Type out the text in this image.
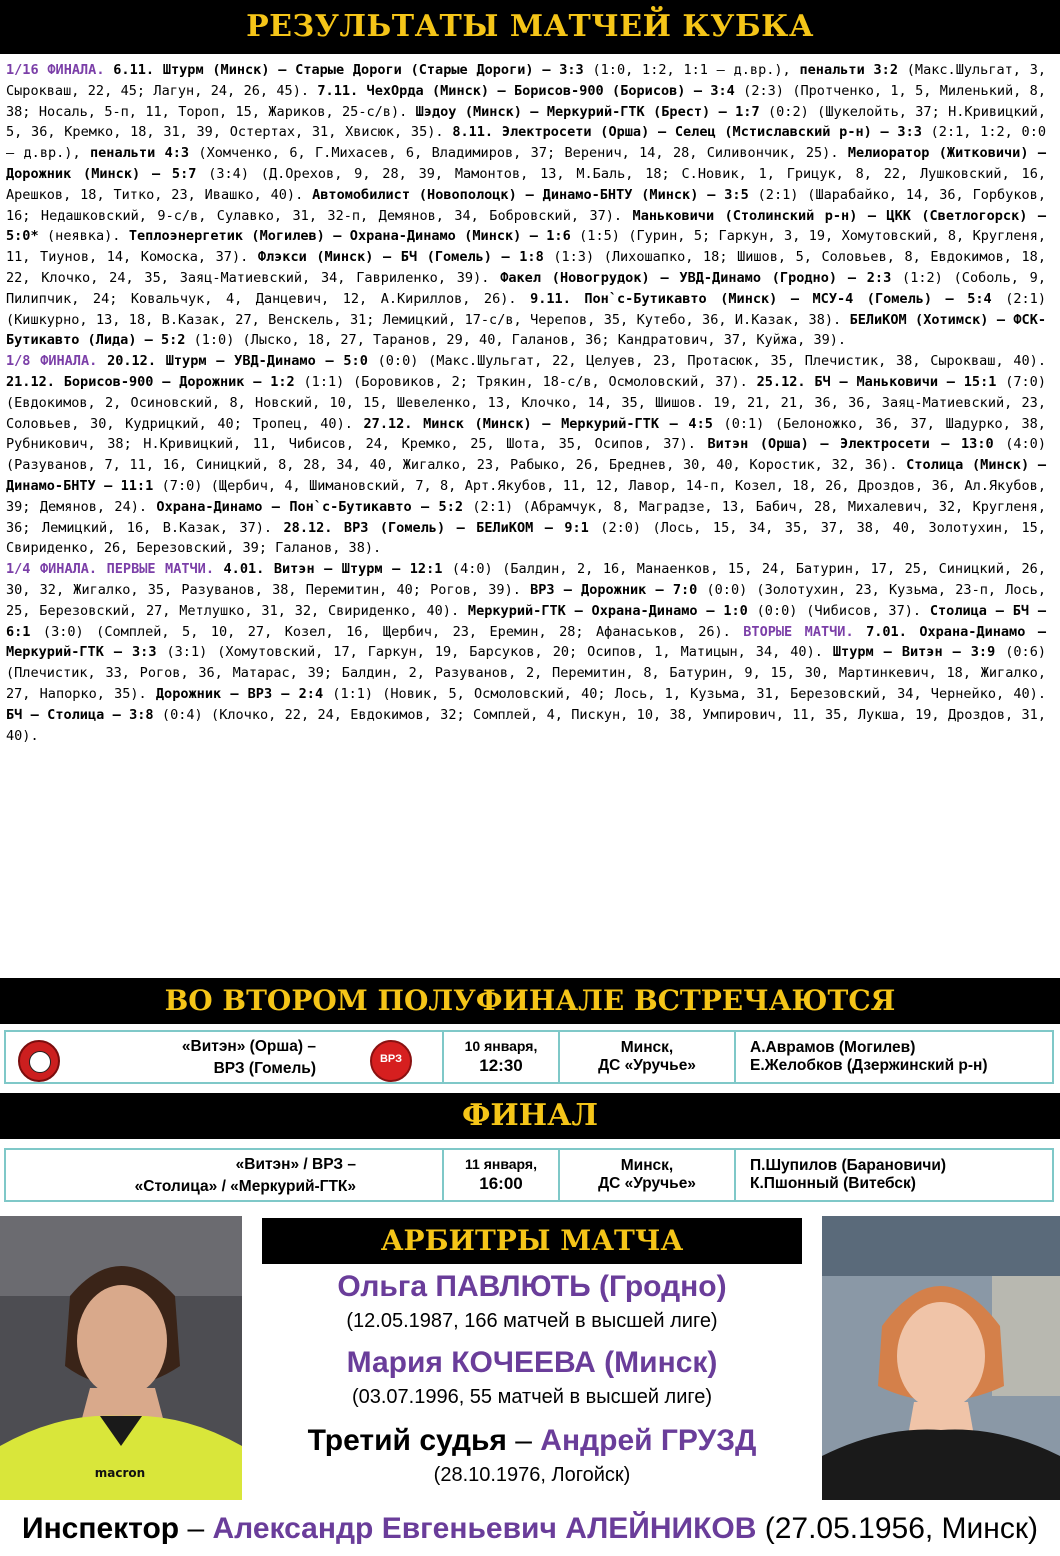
РЕЗУЛЬТАТЫ МАТЧЕЙ КУБКА

1/16 ФИНАЛА. 6.11. Штурм (Минск) – Старые Дороги (Старые Дороги) – 3:3 (1:0, 1:2, 1:1 – д.вр.), пенальти 3:2 (Макс.Шульгат, 3, Сырокваш, 22, 45; Лагун, 24, 26, 45). 7.11. ЧехОрда (Минск) – Борисов-900 (Борисов) – 3:4 (2:3) (Протченко, 1, 5, Миленький, 8, 38; Носаль, 5-п, 11, Тороп, 15, Жариков, 25-с/в). Шэдоу (Минск) – Меркурий-ГТК (Брест) – 1:7 (0:2) (Шукелойть, 37; Н.Кривицкий, 5, 36, Кремко, 18, 31, 39, Остертах, 31, Хвисюк, 35). 8.11. Электросети (Орша) – Селец (Мстиславский р-н) – 3:3 (2:1, 1:2, 0:0 – д.вр.), пенальти 4:3 (Хомченко, 6, Г.Михасев, 6, Владимиров, 37; Веренич, 14, 28, Силивончик, 25). Мелиоратор (Житковичи) – Дорожник (Минск) – 5:7 (3:4) (Д.Орехов, 9, 28, 39, Мамонтов, 13, М.Баль, 18; С.Новик, 1, Грицук, 8, 22, Лушковский, 16, Арешков, 18, Титко, 23, Ивашко, 40). Автомобилист (Новополоцк) – Динамо-БНТУ (Минск) – 3:5 (2:1) (Шарабайко, 14, 36, Горбуков, 16; Недашковский, 9-с/в, Сулавко, 31, 32-п, Демянов, 34, Бобровский, 37). Маньковичи (Столинский р-н) – ЦКК (Светлогорск) – 5:0* (неявка). Теплоэнергетик (Могилев) – Охрана-Динамо (Минск) – 1:6 (1:5) (Гурин, 5; Гаркун, 3, 19, Хомутовский, 8, Кругленя, 11, Тиунов, 14, Комоска, 37). Флэкси (Минск) – БЧ (Гомель) – 1:8 (1:3) (Лихошапко, 18; Шишов, 5, Соловьев, 8, Евдокимов, 18, 22, Клочко, 24, 35, Заяц-Матиевский, 34, Гавриленко, 39). Факел (Новогрудок) – УВД-Динамо (Гродно) – 2:3 (1:2) (Соболь, 9, Пилипчик, 24; Ковальчук, 4, Данцевич, 12, А.Кириллов, 26). 9.11. Пон`с-Бутикавто (Минск) – МСУ-4 (Гомель) – 5:4 (2:1) (Кишкурно, 13, 18, В.Казак, 27, Венскель, 31; Лемицкий, 17-с/в, Черепов, 35, Кутебо, 36, И.Казак, 38). БЕЛиКОМ (Хотимск) – ФСК-Бутикавто (Лида) – 5:2 (1:0) (Лыско, 18, 27, Таранов, 29, 40, Галанов, 36; Кандратович, 37, Куйжа, 39).

1/8 ФИНАЛА. 20.12. Штурм – УВД-Динамо – 5:0 (0:0) (Макс.Шульгат, 22, Целуев, 23, Протасюк, 35, Плечистик, 38, Сырокваш, 40). 21.12. Борисов-900 – Дорожник – 1:2 (1:1) (Боровиков, 2; Трякин, 18-с/в, Осмоловский, 37). 25.12. БЧ – Маньковичи – 15:1 (7:0) (Евдокимов, 2, Осиновский, 8, Новский, 10, 15, Шевеленко, 13, Клочко, 14, 35, Шишов. 19, 21, 21, 36, 36, Заяц-Матиевский, 23, Соловьев, 30, Кудрицкий, 40; Тропец, 40). 27.12. Минск (Минск) – Меркурий-ГТК – 4:5 (0:1) (Белоножко, 36, 37, Шадурко, 38, Рубникович, 38; Н.Кривицкий, 11, Чибисов, 24, Кремко, 25, Шота, 35, Осипов, 37). Витэн (Орша) – Электросети – 13:0 (4:0) (Разуванов, 7, 11, 16, Синицкий, 8, 28, 34, 40, Жигалко, 23, Рабыко, 26, Бреднев, 30, 40, Коростик, 32, 36). Столица (Минск) – Динамо-БНТУ – 11:1 (7:0) (Щербич, 4, Шимановский, 7, 8, Арт.Якубов, 11, 12, Лавор, 14-п, Козел, 18, 26, Дроздов, 36, Ал.Якубов, 39; Демянов, 24). Охрана-Динамо – Пон`с-Бутикавто – 5:2 (2:1) (Абрамчук, 8, Маградзе, 13, Бабич, 28, Михалевич, 32, Кругленя, 36; Лемицкий, 16, В.Казак, 37). 28.12. ВРЗ (Гомель) – БЕЛиКОМ – 9:1 (2:0) (Лось, 15, 34, 35, 37, 38, 40, Золотухин, 15, Свириденко, 26, Березовский, 39; Галанов, 38).

1/4 ФИНАЛА. ПЕРВЫЕ МАТЧИ. 4.01. Витэн – Штурм – 12:1 (4:0) (Балдин, 2, 16, Манаенков, 15, 24, Батурин, 17, 25, Синицкий, 26, 30, 32, Жигалко, 35, Разуванов, 38, Перемитин, 40; Рогов, 39). ВРЗ – Дорожник – 7:0 (0:0) (Золотухин, 23, Кузьма, 23-п, Лось, 25, Березовский, 27, Метлушко, 31, 32, Свириденко, 40). Меркурий-ГТК – Охрана-Динамо – 1:0 (0:0) (Чибисов, 37). Столица – БЧ – 6:1 (3:0) (Сомплей, 5, 10, 27, Козел, 16, Щербич, 23, Еремин, 28; Афанаськов, 26). ВТОРЫЕ МАТЧИ. 7.01. Охрана-Динамо – Меркурий-ГТК – 3:3 (3:1) (Хомутовский, 17, Гаркун, 19, Барсуков, 20; Осипов, 1, Матицын, 34, 40). Штурм – Витэн – 3:9 (0:6) (Плечистик, 33, Рогов, 36, Матарас, 39; Балдин, 2, Разуванов, 2, Перемитин, 8, Батурин, 9, 15, 30, Мартинкевич, 18, Жигалко, 27, Напорко, 35). Дорожник – ВРЗ – 2:4 (1:1) (Новик, 5, Осмоловский, 40; Лось, 1, Кузьма, 31, Березовский, 34, Чернейко, 40). БЧ – Столица – 3:8 (0:4) (Клочко, 22, 24, Евдокимов, 32; Сомплей, 4, Пискун, 10, 38, Умпирович, 11, 35, Лукша, 19, Дроздов, 31, 40).

ВО ВТОРОМ ПОЛУФИНАЛЕ ВСТРЕЧАЮТСЯ
«Витэн» (Орша) –
ВРЗ (Гомель)
ВРЗ
10 января,
12:30
Минск,
ДС «Уручье»
А.Аврамов (Могилев)
Е.Желобков (Дзержинский р-н)
ФИНАЛ
«Витэн» / ВРЗ –
«Столица» / «Меркурий-ГТК»
11 января,
16:00
Минск,
ДС «Уручье»
П.Шупилов (Барановичи)
К.Пшонный (Витебск)
macron
АРБИТРЫ МАТЧА
Ольга ПАВЛЮТЬ (Гродно)
(12.05.1987, 166 матчей в высшей лиге)
Мария КОЧЕЕВА (Минск)
(03.07.1996, 55 матчей в высшей лиге)
Третий судья – Андрей ГРУЗД
(28.10.1976, Логойск)
Инспектор – Александр Евгеньевич АЛЕЙНИКОВ (27.05.1956, Минск)
